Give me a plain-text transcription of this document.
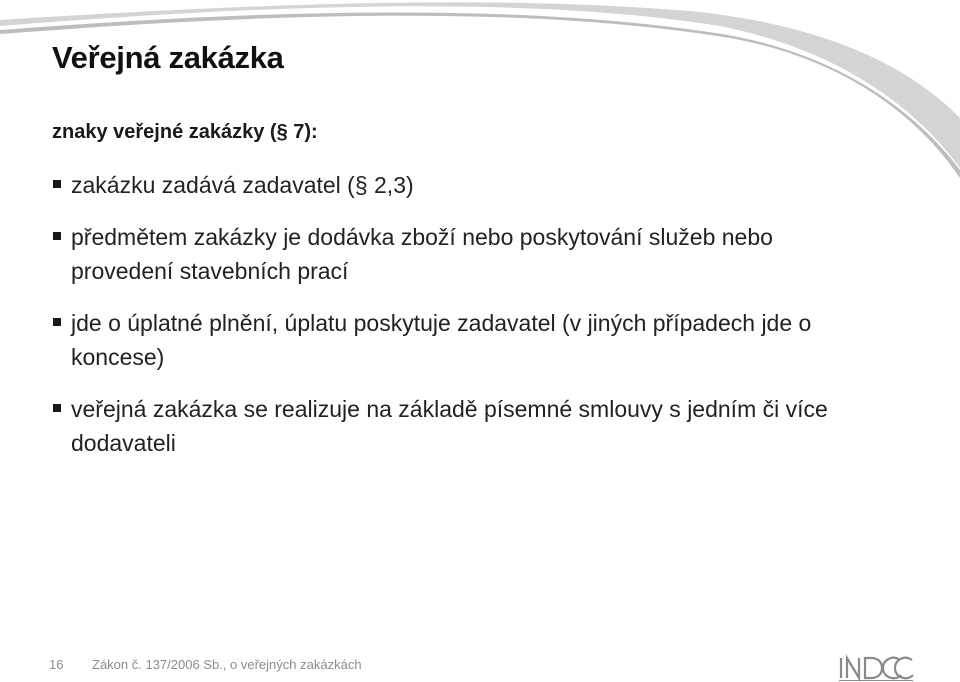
Veřejná zakázka

znaky veřejné zakázky (§ 7):

zakázku zadává zadavatel (§ 2,3)
předmětem zakázky je dodávka zboží nebo poskytování služeb nebo provedení stavebních prací
jde o úplatné plnění, úplatu poskytuje zadavatel (v jiných případech jde o koncese)
veřejná zakázka se realizuje na základě písemné smlouvy s jedním či více dodavateli
16 Zákon č. 137/2006 Sb., o veřejných zakázkách
